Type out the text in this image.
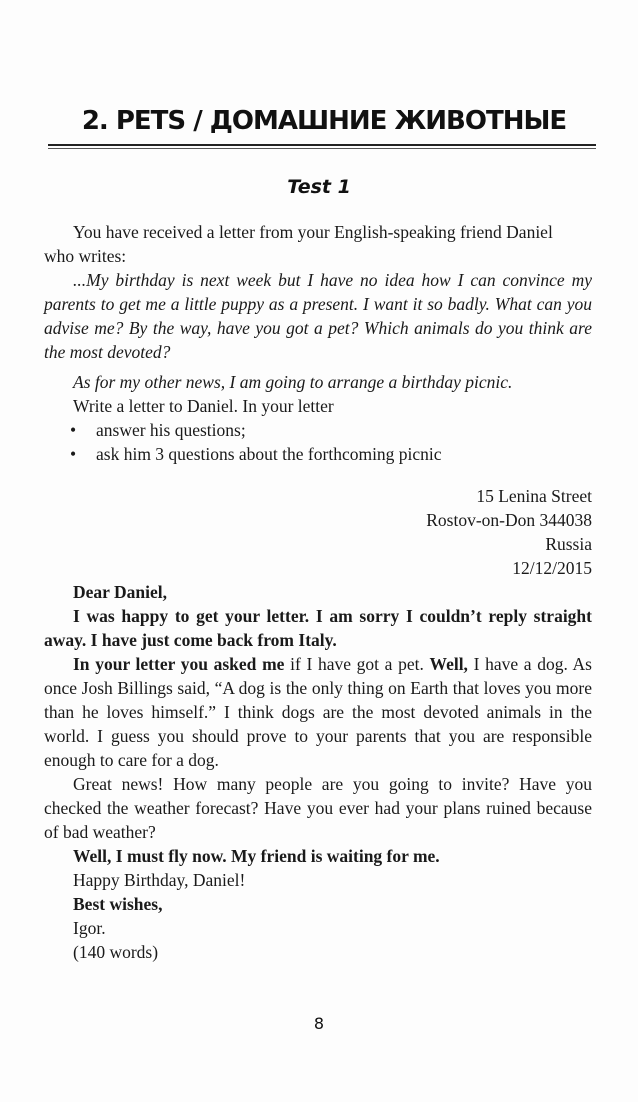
2. PETS / ДОМАШНИЕ ЖИВОТНЫЕ
Test 1

You have received a letter from your English-speaking friend Daniel

who writes:

...My birthday is next week but I have no idea how I can convince my parents to get me a little puppy as a present. I want it so badly. What can you advise me? By the way, have you got a pet? Which animals do you think are the most devoted?
As for my other news, I am going to arrange a birthday picnic.
Write a letter to Daniel. In your letter
• answer his questions;
• ask him 3 questions about the forthcoming picnic

15 Lenina Street

Rostov-on-Don 344038

Russia

12/12/2015

Dear Daniel,
I was happy to get your letter. I am sorry I couldn’t reply straight away. I have just come back from Italy.
In your letter you asked me if I have got a pet. Well, I have a dog. As once Josh Billings said, “A dog is the only thing on Earth that loves you more than he loves himself.” I think dogs are the most devoted animals in the world. I guess you should prove to your parents that you are responsible enough to care for a dog.
Great news! How many people are you going to invite? Have you checked the weather forecast? Have you ever had your plans ruined because of bad weather?
Well, I must fly now. My friend is waiting for me.
Happy Birthday, Daniel!
Best wishes,
Igor.
(140 words)
8
